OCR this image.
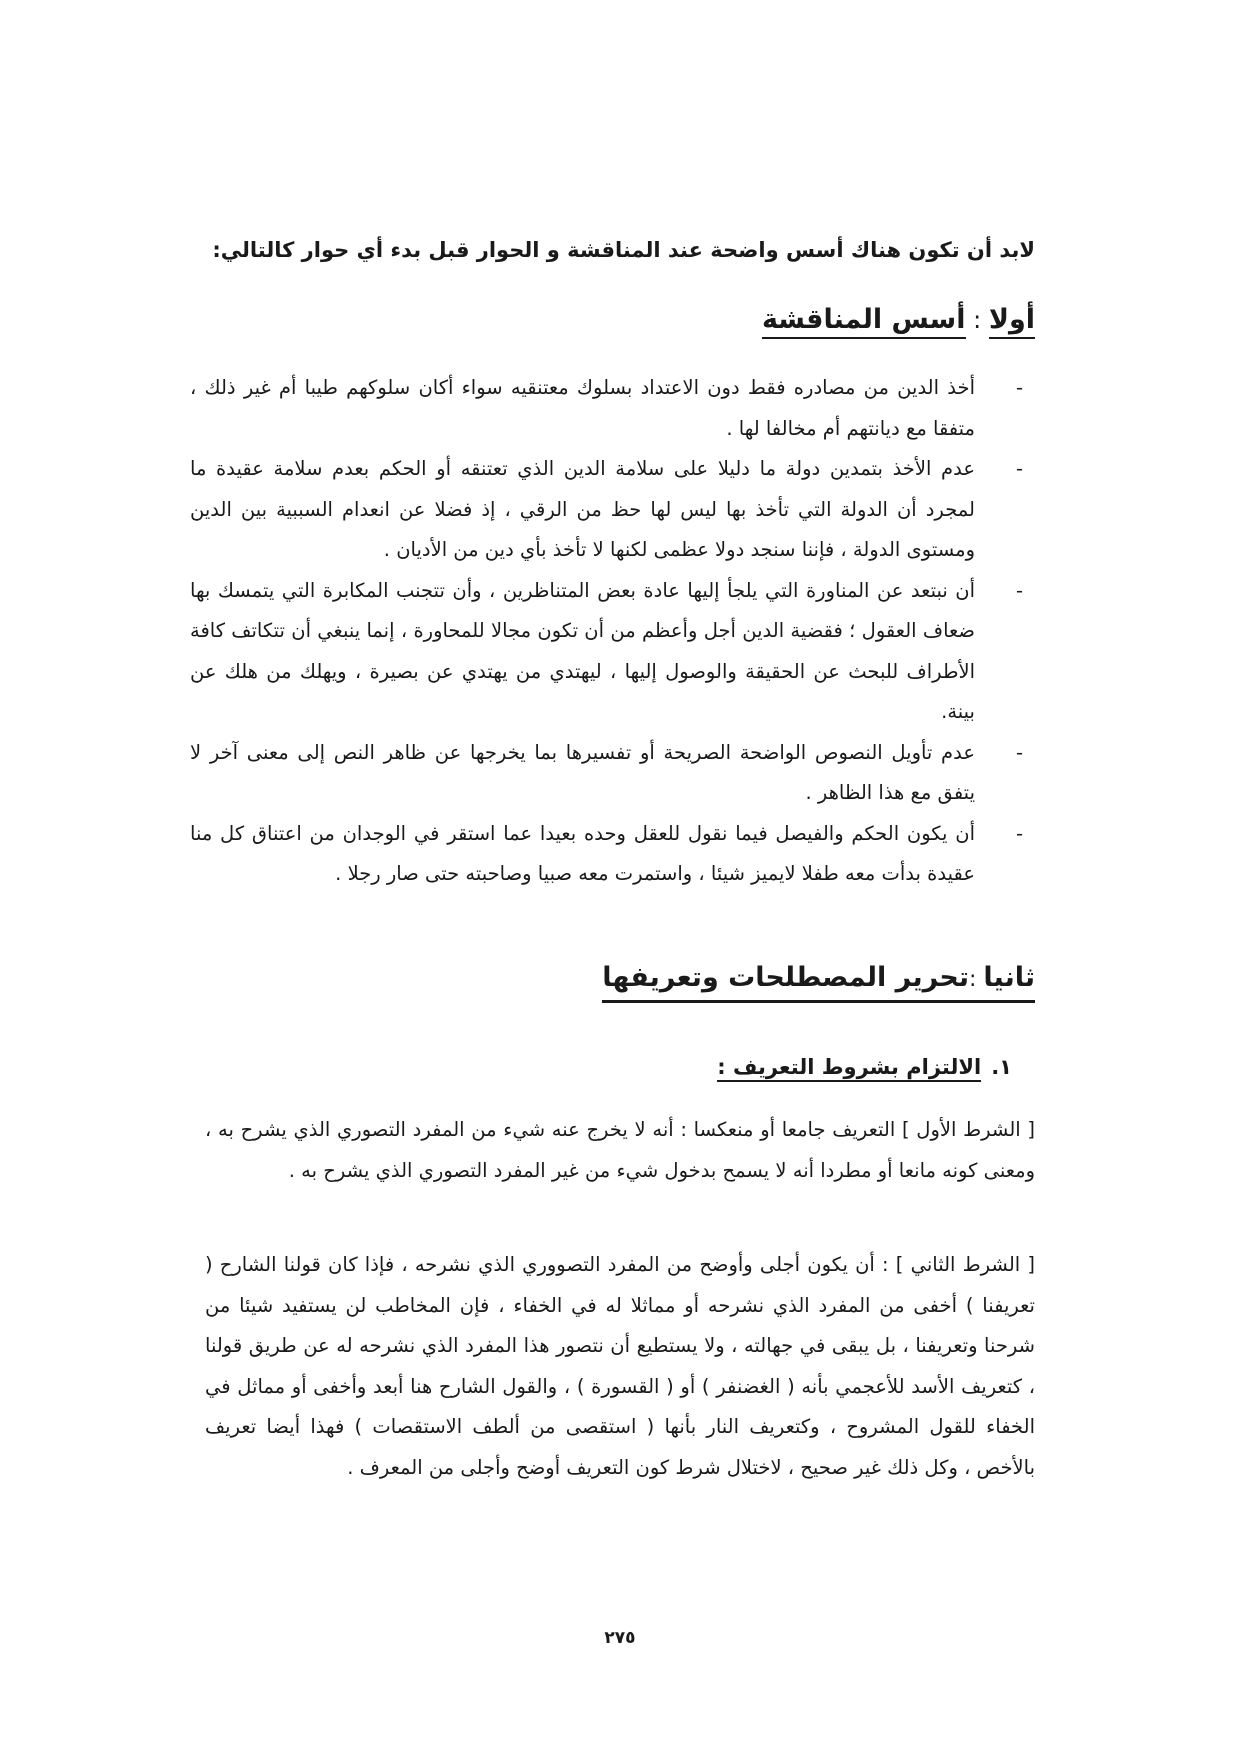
لابد أن تكون هناك أسس واضحة عند المناقشة و الحوار قبل بدء أي حوار كالتالي:
أولا : أسس المناقشة
-
أخذ الدين من مصادره فقط دون الاعتداد بسلوك معتنقيه سواء أكان سلوكهم طيبا أم غير ذلك ، متفقا مع ديانتهم أم مخالفا لها .
-
عدم الأخذ بتمدين دولة ما دليلا على سلامة الدين الذي تعتنقه أو الحكم بعدم سلامة عقيدة ما لمجرد أن الدولة التي تأخذ بها ليس لها حظ من الرقي ، إذ فضلا عن انعدام السببية بين الدين ومستوى الدولة ، فإننا سنجد دولا عظمى لكنها لا تأخذ بأي دين من الأديان .
-
أن نبتعد عن المناورة التي يلجأ إليها عادة بعض المتناظرين ، وأن تتجنب المكابرة التي يتمسك بها ضعاف العقول ؛ فقضية الدين أجل وأعظم من أن تكون مجالا للمحاورة ، إنما ينبغي أن تتكاتف كافة الأطراف للبحث عن الحقيقة والوصول إليها ، ليهتدي من يهتدي عن بصيرة ، ويهلك من هلك عن بينة.
-
عدم تأويل النصوص الواضحة الصريحة أو تفسيرها بما يخرجها عن ظاهر النص إلى معنى آخر لا يتفق مع هذا الظاهر .
-
أن يكون الحكم والفيصل فيما نقول للعقل وحده بعيدا عما استقر في الوجدان من اعتناق كل منا عقيدة بدأت معه طفلا لايميز شيئا ، واستمرت معه صبيا وصاحبته حتى صار رجلا .
ثانيا :تحرير المصطلحات وتعريفها
١.الالتزام بشروط التعريف :

[ الشرط الأول ] التعريف جامعا أو منعكسا : أنه لا يخرج عنه شيء من المفرد التصوري الذي يشرح به ، ومعنى كونه مانعا أو مطردا أنه لا يسمح بدخول شيء من غير المفرد التصوري الذي يشرح به .

[ الشرط الثاني ] : أن يكون أجلى وأوضح من المفرد التصووري الذي نشرحه ، فإذا كان قولنا الشارح ( تعريفنا ) أخفى من المفرد الذي نشرحه أو مماثلا له في الخفاء ، فإن المخاطب لن يستفيد شيئا من شرحنا وتعريفنا ، بل يبقى في جهالته ، ولا يستطيع أن نتصور هذا المفرد الذي نشرحه له عن طريق قولنا ، كتعريف الأسد للأعجمي بأنه ( الغضنفر ) أو ( القسورة ) ، والقول الشارح هنا أبعد وأخفى أو مماثل في الخفاء للقول المشروح ، وكتعريف النار بأنها ( استقصى من ألطف الاستقصات ) فهذا أيضا تعريف بالأخص ، وكل ذلك غير صحيح ، لاختلال شرط كون التعريف أوضح وأجلى من المعرف .

٢٧٥
